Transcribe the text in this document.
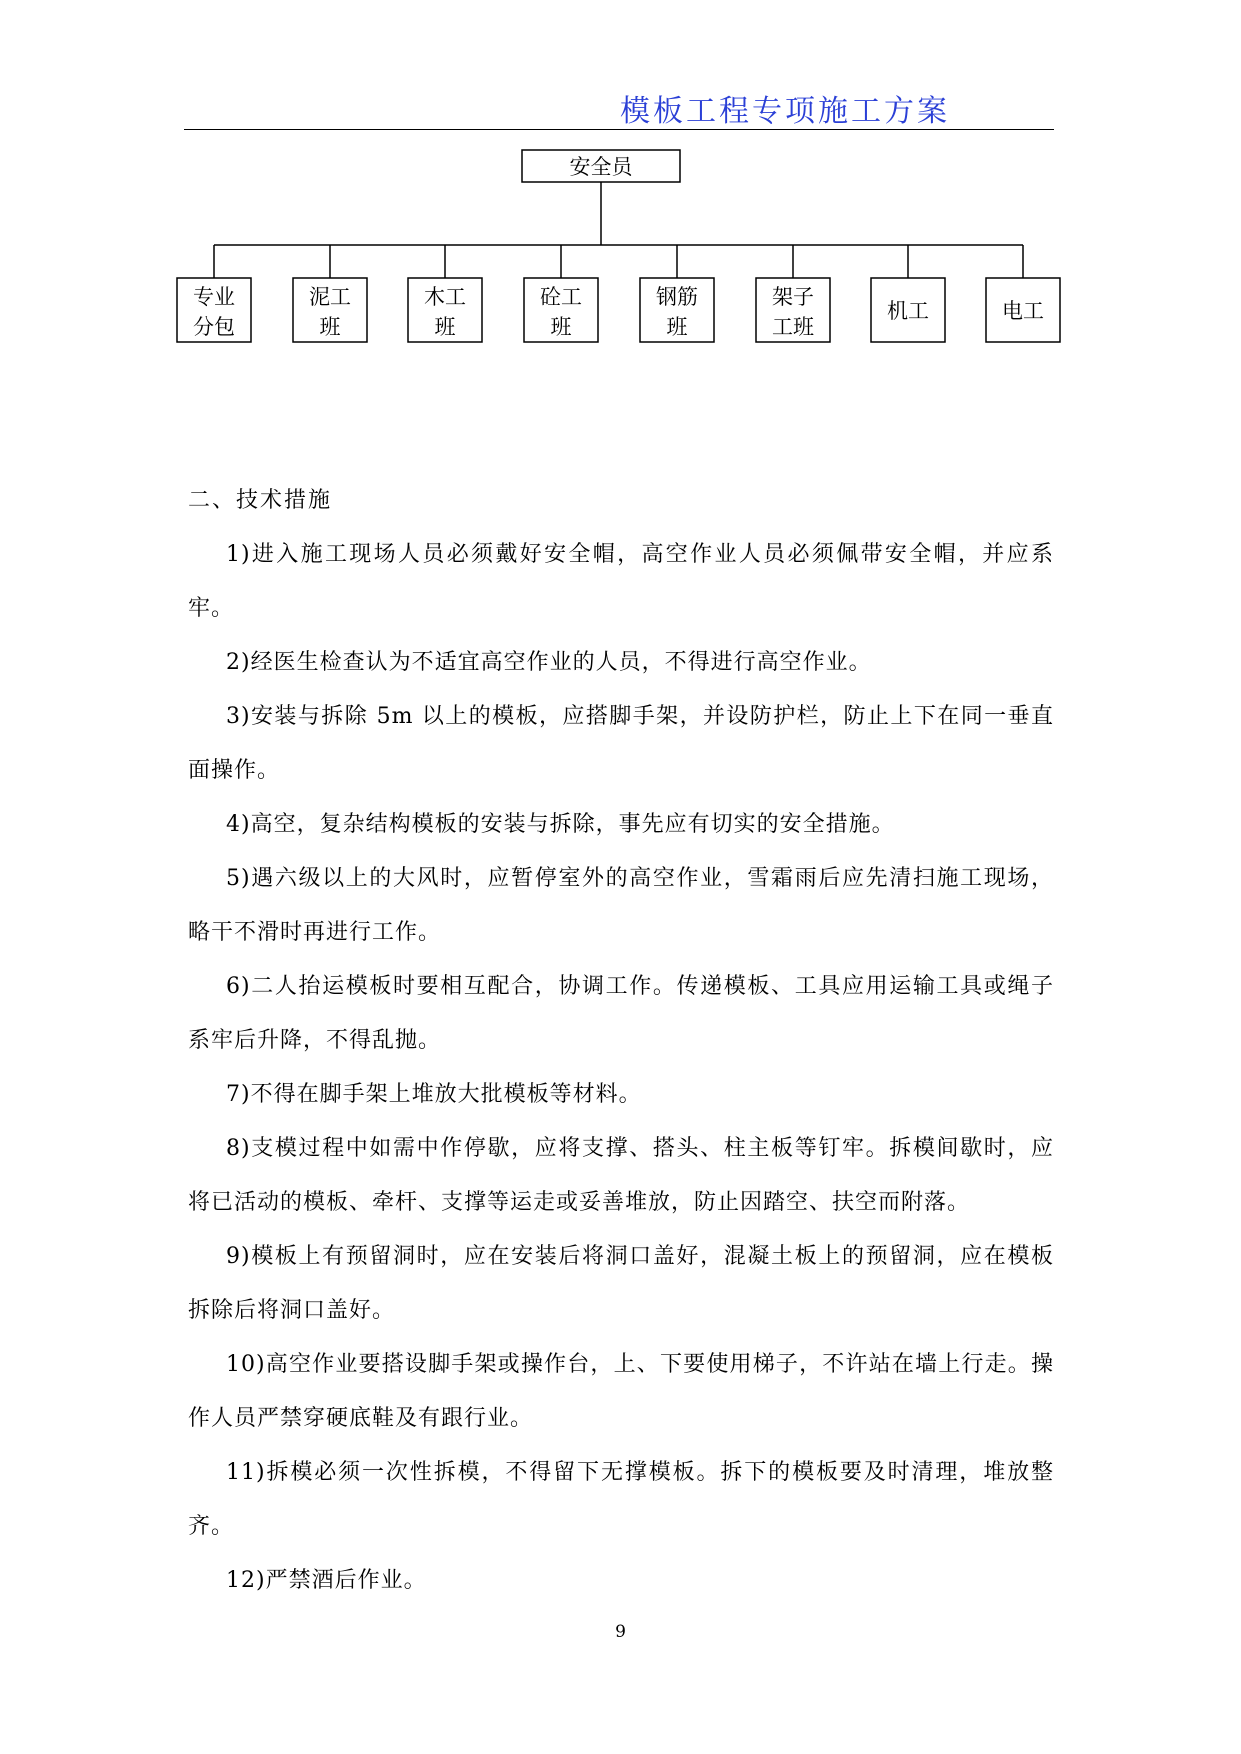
模板工程专项施工方案
安全员
专业
分包
泥工
班
木工
班
砼工
班
钢筋
班
架子
工班
机工	电工
二、技术措施
1)进入施工现场人员必须戴好安全帽，高空作业人员必须佩带安全帽，并应系牢。
2)经医生检查认为不适宜高空作业的人员，不得进行高空作业。
3)安装与拆除 5m 以上的模板，应搭脚手架，并设防护栏，防止上下在同一垂直面操作。
4)高空，复杂结构模板的安装与拆除，事先应有切实的安全措施。
5)遇六级以上的大风时，应暂停室外的高空作业，雪霜雨后应先清扫施工现场，略干不滑时再进行工作。
6)二人抬运模板时要相互配合，协调工作。传递模板、工具应用运输工具或绳子系牢后升降，不得乱抛。
7)不得在脚手架上堆放大批模板等材料。
8)支模过程中如需中作停歇，应将支撑、搭头、柱主板等钉牢。拆模间歇时，应将已活动的模板、牵杆、支撑等运走或妥善堆放，防止因踏空、扶空而附落。
9)模板上有预留洞时，应在安装后将洞口盖好，混凝土板上的预留洞，应在模板拆除后将洞口盖好。
10)高空作业要搭设脚手架或操作台，上、下要使用梯子，不许站在墙上行走。操作人员严禁穿硬底鞋及有跟行业。
11)拆模必须一次性拆模，不得留下无撑模板。拆下的模板要及时清理，堆放整齐。
12)严禁酒后作业。
9
